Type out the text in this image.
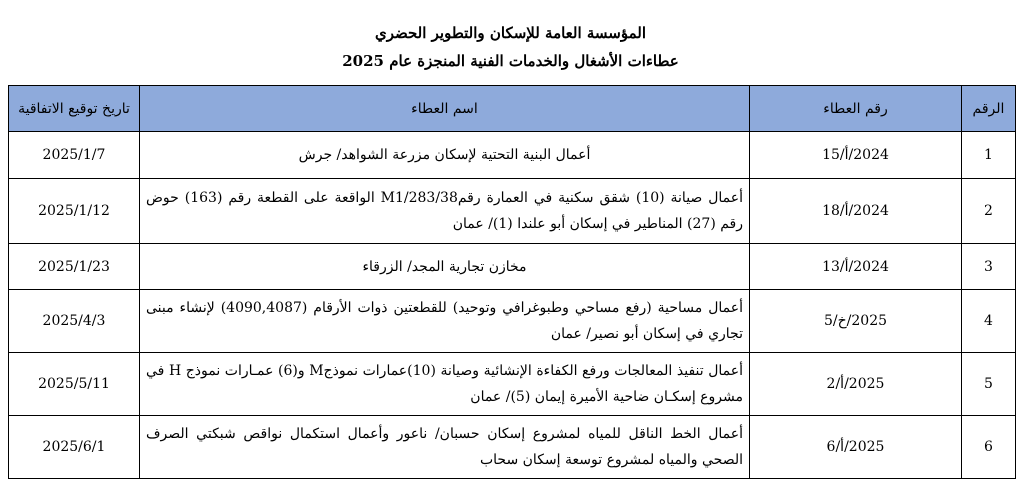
المؤسسة العامة للإسكان والتطوير الحضري
عطاءات الأشغال والخدمات الفنية المنجزة عام 2025
الرقم	رقم العطاء	اسم العطاء	تاريخ توقيع الاتفاقية
1	2024/أ/15	أعمال البنية التحتية لإسكان مزرعة الشواهد/ جرش	2025/1/7
2	2024/أ/18	أعمال صيانة (10) شقق سكنية في العمارة رقمM1/283/38 الواقعة على القطعة رقم (163) حوض رقم (27) المناطير في إسكان أبو علندا (1)/ عمان	2025/1/12
3	2024/أ/13	مخازن تجارية المجد/ الزرقاء	2025/1/23
4	2025/خ/5	أعمال مساحية (رفع مساحي وطبوغرافي وتوحيد) للقطعتين ذوات الأرقام (4090,4087) لإنشاء مبنى تجاري في إسكان أبو نصير/ عمان	2025/4/3
5	2025/أ/2	أعمال تنفيذ المعالجات ورفع الكفاءة الإنشائية وصيانة (10)عمارات نموذجM و(6) عمـارات نموذج H في مشروع إسكـان ضاحية الأميرة إيمان (5)/ عمان	2025/5/11
6	2025/أ/6	أعمال الخط الناقل للمياه لمشروع إسكان حسبان/ ناعور وأعمال استكمال نواقص شبكتي الصرف الصحي والمياه لمشروع توسعة إسكان سحاب	2025/6/1
